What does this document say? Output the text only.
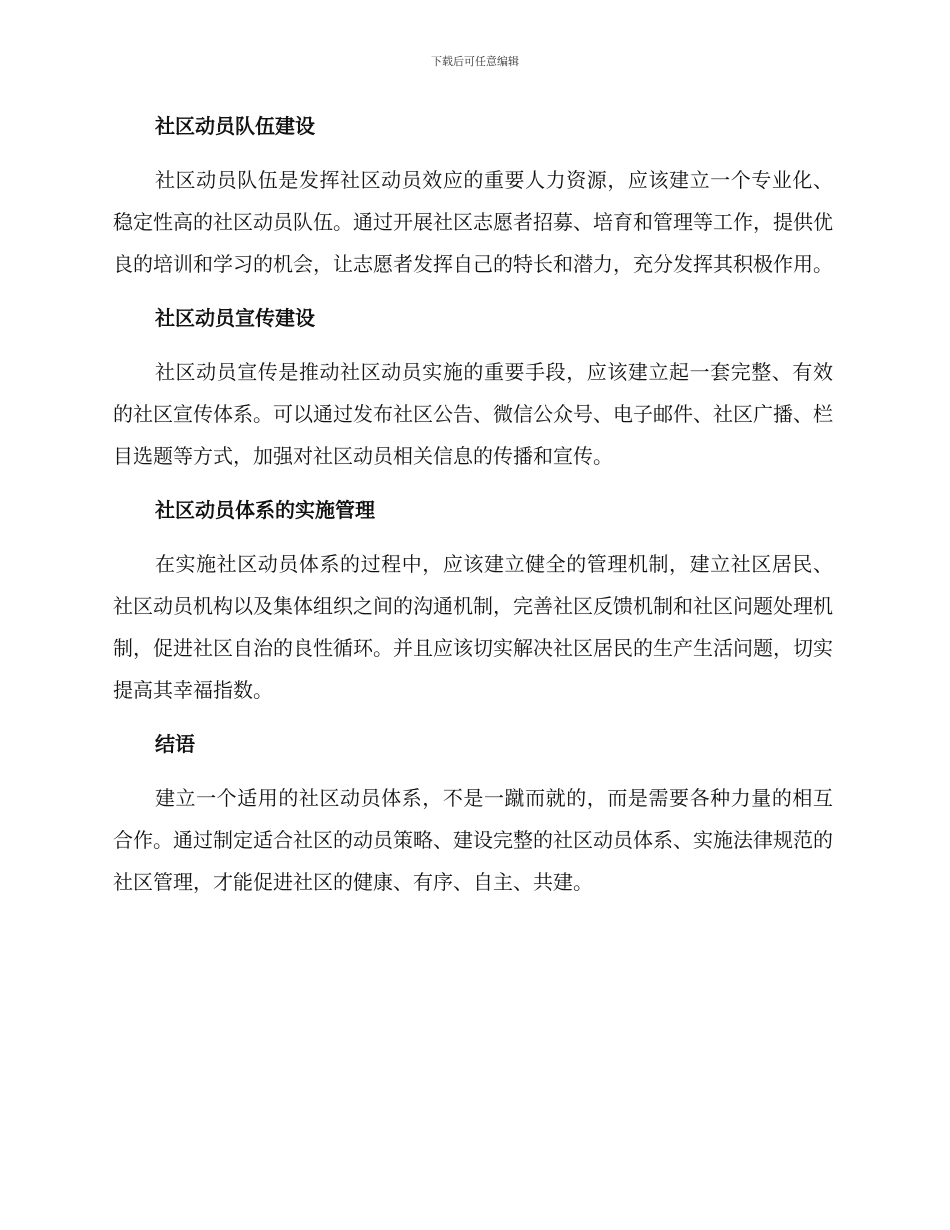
下载后可任意编辑
社区动员队伍建设

社区动员队伍是发挥社区动员效应的重要人力资源，应该建立一个专业化、稳定性高的社区动员队伍。通过开展社区志愿者招募、培育和管理等工作，提供优良的培训和学习的机会，让志愿者发挥自己的特长和潜力，充分发挥其积极作用。

社区动员宣传建设

社区动员宣传是推动社区动员实施的重要手段，应该建立起一套完整、有效的社区宣传体系。可以通过发布社区公告、微信公众号、电子邮件、社区广播、栏目选题等方式，加强对社区动员相关信息的传播和宣传。

社区动员体系的实施管理

在实施社区动员体系的过程中，应该建立健全的管理机制，建立社区居民、社区动员机构以及集体组织之间的沟通机制，完善社区反馈机制和社区问题处理机制，促进社区自治的良性循环。并且应该切实解决社区居民的生产生活问题，切实提高其幸福指数。

结语

建立一个适用的社区动员体系，不是一蹴而就的，而是需要各种力量的相互合作。通过制定适合社区的动员策略、建设完整的社区动员体系、实施法律规范的社区管理，才能促进社区的健康、有序、自主、共建。
